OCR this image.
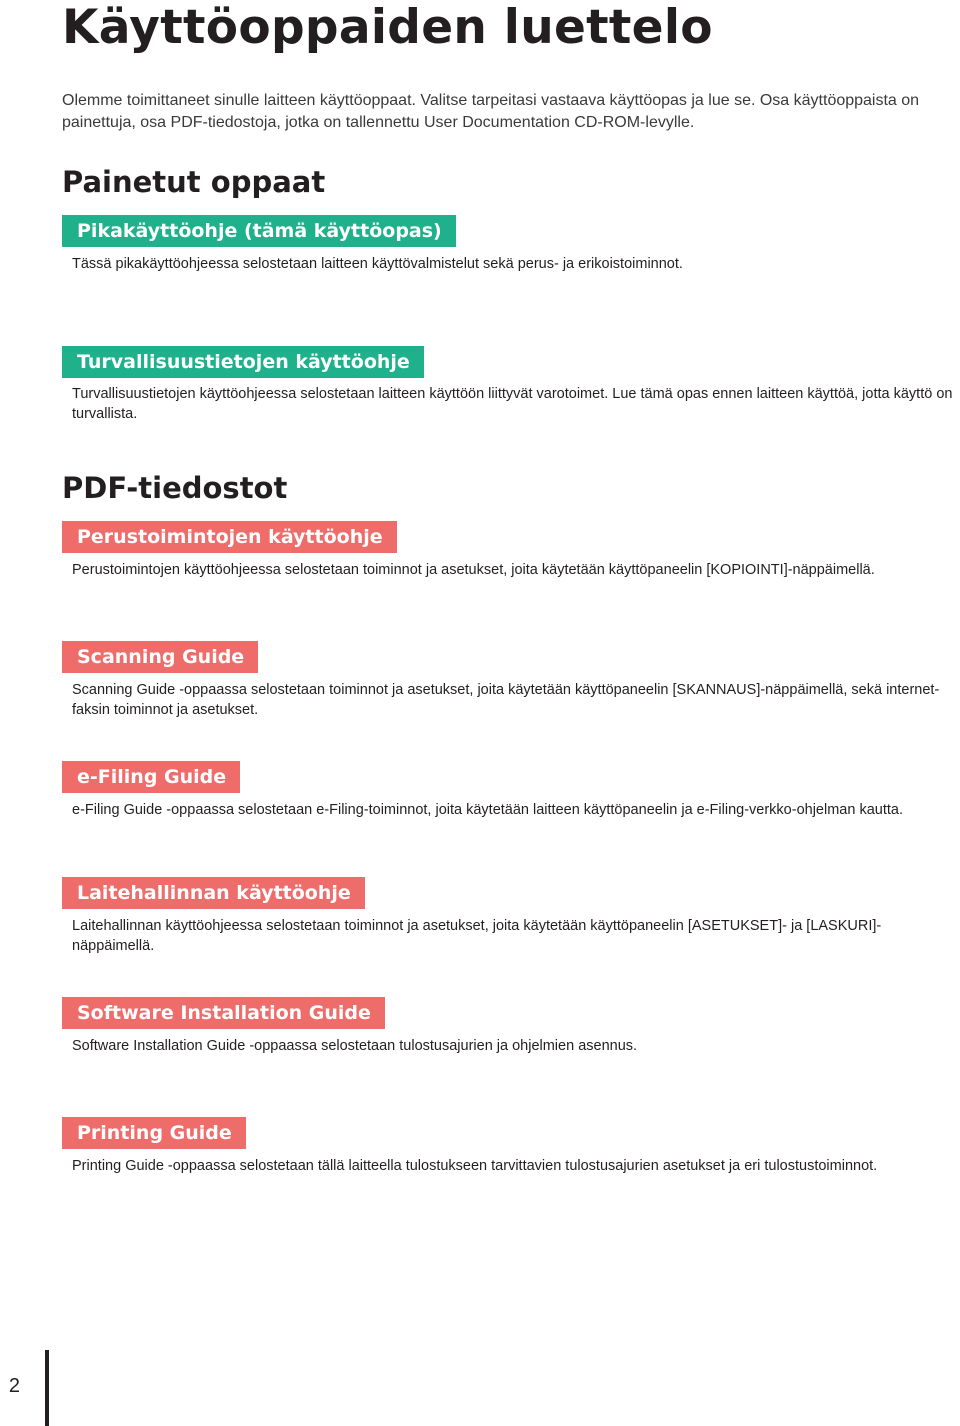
Käyttöoppaiden luettelo

Olemme toimittaneet sinulle laitteen käyttöoppaat. Valitse tarpeitasi vastaava käyttöopas ja lue se. Osa käyttöoppaista on painettuja, osa PDF-tiedostoja, jotka on tallennettu User Documentation CD-ROM-levylle.

Painetut oppaat
Pikakäyttöohje (tämä käyttöopas)

Tässä pikakäyttöohjeessa selostetaan laitteen käyttövalmistelut sekä perus- ja erikoistoiminnot.

Turvallisuustietojen käyttöohje

Turvallisuustietojen käyttöohjeessa selostetaan laitteen käyttöön liittyvät varotoimet. Lue tämä opas ennen laitteen käyttöä, jotta käyttö on turvallista.

PDF-tiedostot
Perustoimintojen käyttöohje

Perustoimintojen käyttöohjeessa selostetaan toiminnot ja asetukset, joita käytetään käyttöpaneelin [KOPIOINTI]-näppäimellä.

Scanning Guide

Scanning Guide -oppaassa selostetaan toiminnot ja asetukset, joita käytetään käyttöpaneelin [SKANNAUS]-näppäimellä, sekä internet-faksin toiminnot ja asetukset.

e-Filing Guide

e-Filing Guide -oppaassa selostetaan e-Filing-toiminnot, joita käytetään laitteen käyttöpaneelin ja e-Filing-verkko-ohjelman kautta.

Laitehallinnan käyttöohje

Laitehallinnan käyttöohjeessa selostetaan toiminnot ja asetukset, joita käytetään käyttöpaneelin [ASETUKSET]- ja [LASKURI]-näppäimellä.

Software Installation Guide

Software Installation Guide -oppaassa selostetaan tulostusajurien ja ohjelmien asennus.

Printing Guide

Printing Guide -oppaassa selostetaan tällä laitteella tulostukseen tarvittavien tulostusajurien asetukset ja eri tulostustoiminnot.

2
